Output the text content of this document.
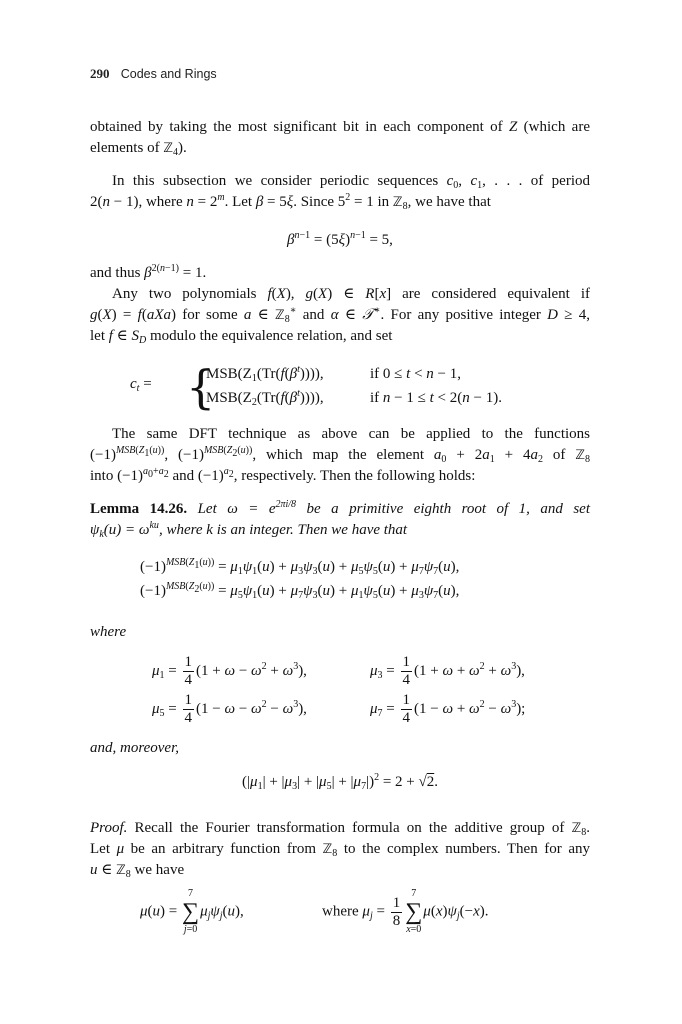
290 Codes and Rings
obtained by taking the most significant bit in each component of Z (which are
elements of ℤ$_4$).
In this subsection we consider periodic sequences $c_0$, $c_1$, . . . of period
2(n − 1), where $n = 2^m$. Let β = 5ξ. Since $5^2 = 1$ in ℤ$_8$, we have that
$\beta^{n-1} = (5\xi)^{n-1} = 5$,
and thus $\beta^{2(n-1)} = 1$.
Any two polynomials f(X), g(X) ∈ R[x] are considered equivalent if
g(X) = f(aXa) for some a ∈ ℤ$_8$∗ and α ∈ 𝒯∗. For any positive integer D ≥ 4,
let f ∈ $S_D$ modulo the equivalence relation, and set
$c_t$ = {
$MSB(Z_1(Tr(f(\beta^t))))$,	if 0 ≤ t < n − 1,
$MSB(Z_2(Tr(f(\beta^t))))$,	if n − 1 ≤ t < 2(n − 1).
The same DFT technique as above can be applied to the functions
$(-1)^{MSB(Z_1(u))}$, $(-1)^{MSB(Z_2(u))}$, which map the element $a_0 + 2a_1 + 4a_2$ of ℤ$_8$
into $(-1)^{a_0+a_2}$ and $(-1)^{a_2}$, respectively. Then the following holds:
Lemma 14.26. Let $\omega = e^{2\pi i/8}$ be a primitive eighth root of 1, and set
$\psi_k(u) = \omega^{ku}$, where k is an integer. Then we have that
$(-1)^{MSB(Z_1(u))} = \mu_1\psi_1(u) + \mu_3\psi_3(u) + \mu_5\psi_5(u) + \mu_7\psi_7(u)$,
$(-1)^{MSB(Z_2(u))} = \mu_5\psi_1(u) + \mu_7\psi_3(u) + \mu_1\psi_5(u) + \mu_3\psi_7(u)$,
where
$\mu_1 = \frac{1}{4} (1 + \omega - \omega^2 + \omega^3)$,	$\mu_3 = \frac{1}{4} (1 + \omega + \omega^2 + \omega^3)$,
$\mu_5 = \frac{1}{4} (1 - \omega - \omega^2 - \omega^3)$,	$\mu_7 = \frac{1}{4} (1 - \omega + \omega^2 - \omega^3)$;
and, moreover,
$(|\mu_1| + |\mu_3| + |\mu_5| + |\mu_7|)^2 = 2 + √2$.
Proof. Recall the Fourier transformation formula on the additive group of ℤ$_8$.
Let μ be an arbitrary function from ℤ$_8$ to the complex numbers. Then for any
u ∈ ℤ$_8$ we have
μ(u) =
7
∑
j=0
$\mu_j\psi_j(u)$,	where $\mu_j = \frac{1}{8}$
7
∑
x=0
$\mu(x)\psi_j(-x)$.
